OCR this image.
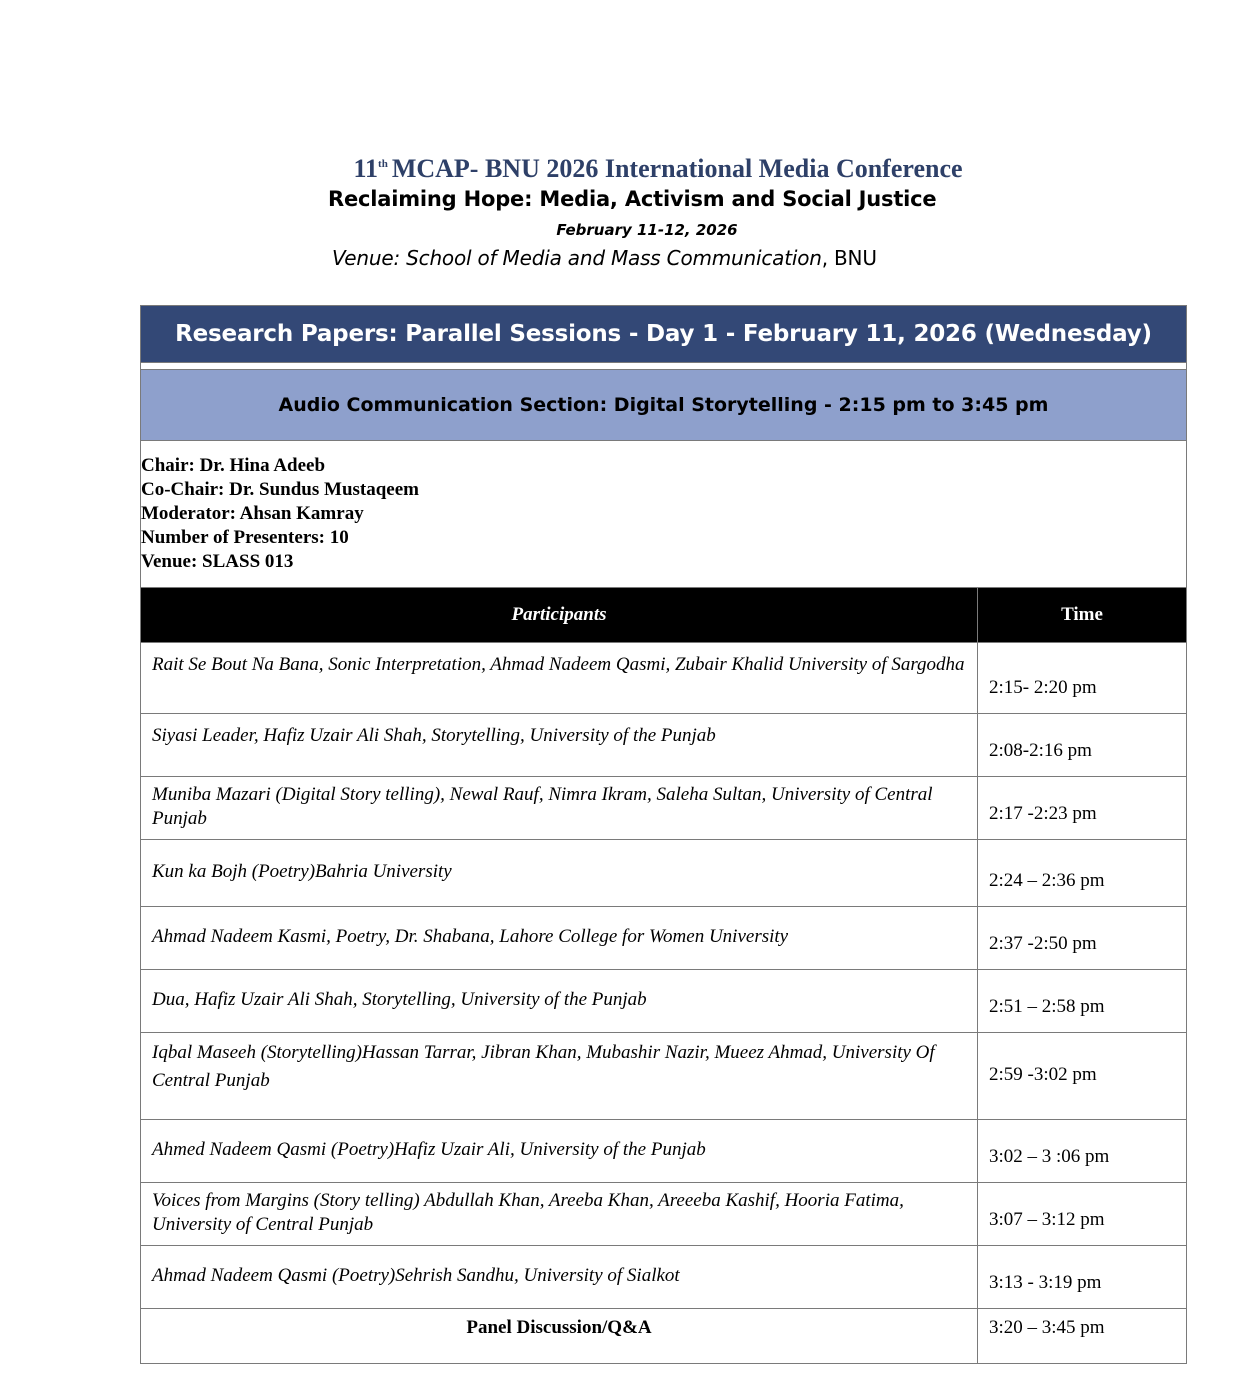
11th MCAP- BNU 2026 International Media Conference
Reclaiming Hope: Media, Activism and Social Justice
February 11-12, 2026
Venue: School of Media and Mass Communication, BNU
Research Papers: Parallel Sessions - Day 1 - February 11, 2026 (Wednesday)	

Audio Communication Section: Digital Storytelling - 2:15 pm to 3:45 pm	

Chair: Dr. Hina Adeeb
Co-Chair: Dr. Sundus Mustaqeem
Moderator: Ahsan Kamray
Number of Presenters: 10
Venue: SLASS 013	

Participants	Time
Rait Se Bout Na Bana, Sonic Interpretation, Ahmad Nadeem Qasmi, Zubair Khalid University of Sargodha	2:15- 2:20 pm
Siyasi Leader, Hafiz Uzair Ali Shah, Storytelling, University of the Punjab	2:08-2:16 pm
Muniba Mazari (Digital Story telling), Newal Rauf, Nimra Ikram, Saleha Sultan, University of Central Punjab	2:17 -2:23 pm
Kun ka Bojh (Poetry)Bahria University	2:24 – 2:36 pm
Ahmad Nadeem Kasmi, Poetry, Dr. Shabana, Lahore College for Women University	2:37 -2:50 pm
Dua, Hafiz Uzair Ali Shah, Storytelling, University of the Punjab	2:51 – 2:58 pm
Iqbal Maseeh (Storytelling)Hassan Tarrar, Jibran Khan, Mubashir Nazir, Mueez Ahmad, University Of Central Punjab	2:59 -3:02 pm
Ahmed Nadeem Qasmi (Poetry)Hafiz Uzair Ali, University of the Punjab	3:02 – 3 :06 pm
Voices from Margins (Story telling) Abdullah Khan, Areeba Khan, Areeeba Kashif, Hooria Fatima, University of Central Punjab	3:07 – 3:12 pm
Ahmad Nadeem Qasmi (Poetry)Sehrish Sandhu, University of Sialkot	3:13 - 3:19 pm
Panel Discussion/Q&A	3:20 – 3:45 pm
